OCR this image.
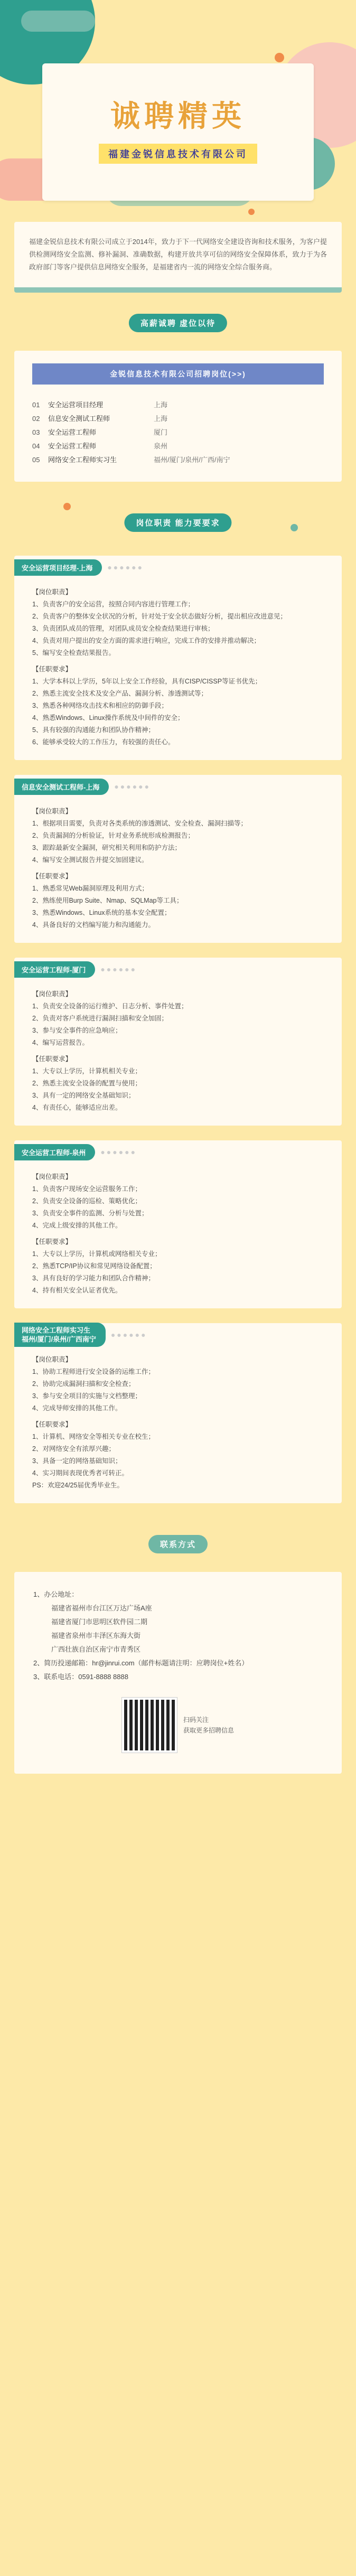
诚聘精英
福建金锐信息技术有限公司
福建金锐信息技术有限公司成立于2014年，致力于下一代网络安全建设咨询和技术服务，为客户提供检测网络安全监测、修补漏洞、准确数据，构建开放共享可信的网络安全保障体系，致力于为各政府部门等客户提供信息网络安全服务，是福建省内一流的网络安全综合服务商。
高薪诚聘 虚位以待
金锐信息技术有限公司招聘岗位(>>)
01	安全运营项目经理	上海
02	信息安全测试工程师	上海
03	安全运营工程师	厦门
04	安全运营工程师	泉州
05	网络安全工程师实习生	福州/厦门/泉州/广西/南宁
岗位职责 能力要要求
安全运营项目经理-上海	●●●●●●
【岗位职责】
1、负责客户的安全运营，按照合同内容进行管理工作；
2、负责客户的整体安全状况的分析，针对处于安全状态做好分析，提出相应改进意见；
3、负责团队成员的管理，对团队成员安全检查结果进行审核；
4、负责对用户提出的安全方面的需求进行响应，完成工作的安排并推动解决；
5、编写安全检查结果报告。
【任职要求】
1、大学本科以上学历，5年以上安全工作经验，具有CISP/CISSP等证书优先；
2、熟悉主流安全技术及安全产品、漏洞分析、渗透测试等；
3、熟悉各种网络攻击技术和相应的防御手段；
4、熟悉Windows、Linux操作系统及中间件的安全；
5、具有较强的沟通能力和团队协作精神；
6、能够承受较大的工作压力，有较强的责任心。
信息安全测试工程师-上海	●●●●●●
【岗位职责】
1、根据项目需要，负责对各类系统的渗透测试、安全检查、漏洞扫描等；
2、负责漏洞的分析验证，针对业务系统形成检测报告；
3、跟踪最新安全漏洞，研究相关利用和防护方法；
4、编写安全测试报告并提交加固建议。
【任职要求】
1、熟悉常见Web漏洞原理及利用方式；
2、熟练使用Burp Suite、Nmap、SQLMap等工具；
3、熟悉Windows、Linux系统的基本安全配置；
4、具备良好的文档编写能力和沟通能力。
安全运营工程师-厦门	●●●●●●
【岗位职责】
1、负责安全设备的运行维护、日志分析、事件处置；
2、负责对客户系统进行漏洞扫描和安全加固；
3、参与安全事件的应急响应；
4、编写运营报告。
【任职要求】
1、大专以上学历，计算机相关专业；
2、熟悉主流安全设备的配置与使用；
3、具有一定的网络安全基础知识；
4、有责任心，能够适应出差。
安全运营工程师-泉州	●●●●●●
【岗位职责】
1、负责客户现场安全运营服务工作；
2、负责安全设备的巡检、策略优化；
3、负责安全事件的监测、分析与处置；
4、完成上级安排的其他工作。
【任职要求】
1、大专以上学历，计算机或网络相关专业；
2、熟悉TCP/IP协议和常见网络设备配置；
3、具有良好的学习能力和团队合作精神；
4、持有相关安全认证者优先。
网络安全工程师实习生
福州/厦门/泉州/广西南宁
●●●●●●
【岗位职责】
1、协助工程师进行安全设备的运维工作；
2、协助完成漏洞扫描和安全检查；
3、参与安全项目的实施与文档整理；
4、完成导师安排的其他工作。
【任职要求】
1、计算机、网络安全等相关专业在校生；
2、对网络安全有浓厚兴趣；
3、具备一定的网络基础知识；
4、实习期间表现优秀者可转正。
PS：欢迎24/25届优秀毕业生。
联系方式
1、办公地址：
福建省福州市台江区万达广场A座
福建省厦门市思明区软件园二期
福建省泉州市丰泽区东海大街
广西壮族自治区南宁市青秀区
2、简历投递邮箱：hr@jinrui.com（邮件标题请注明：应聘岗位+姓名）
3、联系电话：0591-8888 8888
扫码关注
获取更多招聘信息
